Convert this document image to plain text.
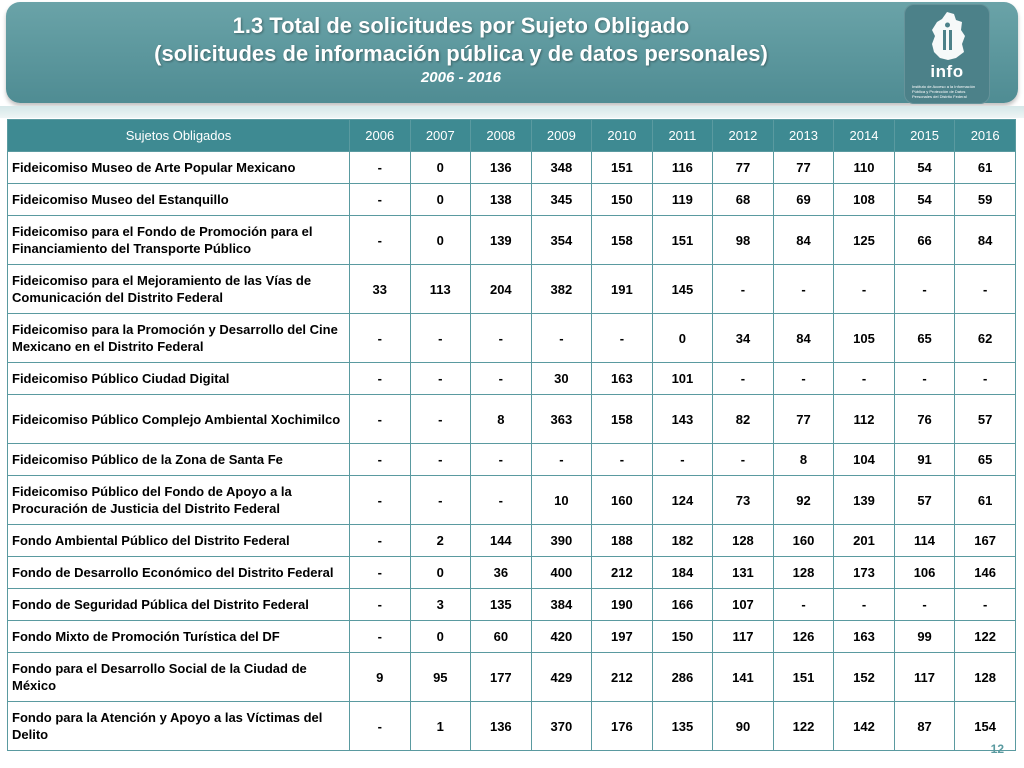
1.3 Total de solicitudes por Sujeto Obligado
(solicitudes de información pública y de datos personales)
2006 - 2016	info
Instituto de Acceso a la Información Pública y Protección de Datos Personales del Distrito Federal
Sujetos Obligados	2006	2007	2008	2009	2010	2011	2012	2013	2014	2015	2016
Fideicomiso Museo de Arte Popular Mexicano	-	0	136	348	151	116	77	77	110	54	61
Fideicomiso Museo del Estanquillo	-	0	138	345	150	119	68	69	108	54	59
Fideicomiso para el Fondo de Promoción para el Financiamiento del Transporte Público	-	0	139	354	158	151	98	84	125	66	84
Fideicomiso para el Mejoramiento de las Vías de Comunicación del Distrito Federal	33	113	204	382	191	145	-	-	-	-	-
Fideicomiso para la Promoción y Desarrollo del Cine Mexicano en el Distrito Federal	-	-	-	-	-	0	34	84	105	65	62
Fideicomiso Público Ciudad Digital	-	-	-	30	163	101	-	-	-	-	-
Fideicomiso Público Complejo Ambiental Xochimilco	-	-	8	363	158	143	82	77	112	76	57
Fideicomiso Público de la Zona de Santa Fe	-	-	-	-	-	-	-	8	104	91	65
Fideicomiso Público del Fondo de Apoyo a la Procuración de Justicia del Distrito Federal	-	-	-	10	160	124	73	92	139	57	61
Fondo Ambiental Público del Distrito Federal	-	2	144	390	188	182	128	160	201	114	167
Fondo de Desarrollo Económico del Distrito Federal	-	0	36	400	212	184	131	128	173	106	146
Fondo de Seguridad Pública del Distrito Federal	-	3	135	384	190	166	107	-	-	-	-
Fondo Mixto de Promoción Turística del DF	-	0	60	420	197	150	117	126	163	99	122
Fondo para el Desarrollo Social de la Ciudad de México	9	95	177	429	212	286	141	151	152	117	128
Fondo para la Atención y Apoyo a las Víctimas del Delito	-	1	136	370	176	135	90	122	142	87	154
12
